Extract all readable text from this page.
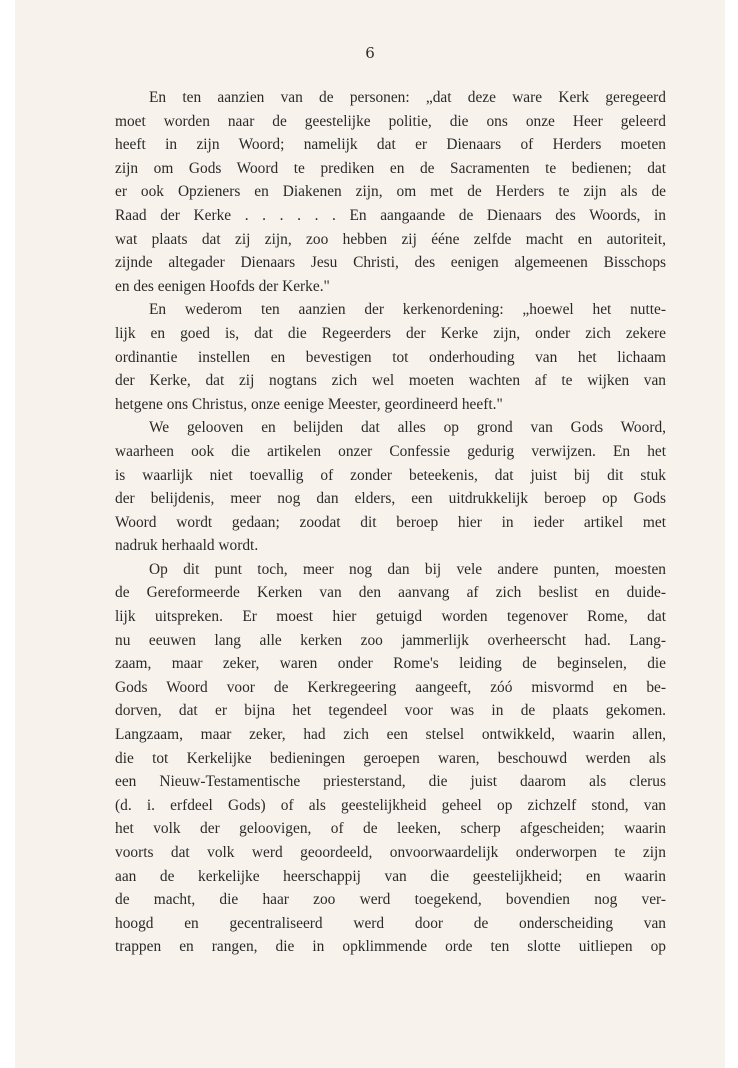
6
En ten aanzien van de personen: „dat deze ware Kerk geregeerd
moet worden naar de geestelijke politie, die ons onze Heer geleerd
heeft in zijn Woord; namelijk dat er Dienaars of Herders moeten
zijn om Gods Woord te prediken en de Sacramenten te bedienen; dat
er ook Opzieners en Diakenen zijn, om met de Herders te zijn als de
Raad der Kerke . . . . . . En aangaande de Dienaars des Woords, in
wat plaats dat zij zijn, zoo hebben zij ééne zelfde macht en autoriteit,
zijnde altegader Dienaars Jesu Christi, des eenigen algemeenen Bisschops
en des eenigen Hoofds der Kerke."
En wederom ten aanzien der kerkenordening: „hoewel het nutte-
lijk en goed is, dat die Regeerders der Kerke zijn, onder zich zekere
ordinantie instellen en bevestigen tot onderhouding van het lichaam
der Kerke, dat zij nogtans zich wel moeten wachten af te wijken van
hetgene ons Christus, onze eenige Meester, geordineerd heeft."
We gelooven en belijden dat alles op grond van Gods Woord,
waarheen ook die artikelen onzer Confessie gedurig verwijzen. En het
is waarlijk niet toevallig of zonder beteekenis, dat juist bij dit stuk
der belijdenis, meer nog dan elders, een uitdrukkelijk beroep op Gods
Woord wordt gedaan; zoodat dit beroep hier in ieder artikel met
nadruk herhaald wordt.
Op dit punt toch, meer nog dan bij vele andere punten, moesten
de Gereformeerde Kerken van den aanvang af zich beslist en duide-
lijk uitspreken. Er moest hier getuigd worden tegenover Rome, dat
nu eeuwen lang alle kerken zoo jammerlijk overheerscht had. Lang-
zaam, maar zeker, waren onder Rome's leiding de beginselen, die
Gods Woord voor de Kerkregeering aangeeft, zóó misvormd en be-
dorven, dat er bijna het tegendeel voor was in de plaats gekomen.
Langzaam, maar zeker, had zich een stelsel ontwikkeld, waarin allen,
die tot Kerkelijke bedieningen geroepen waren, beschouwd werden als
een Nieuw-Testamentische priesterstand, die juist daarom als clerus
(d. i. erfdeel Gods) of als geestelijkheid geheel op zichzelf stond, van
het volk der geloovigen, of de leeken, scherp afgescheiden; waarin
voorts dat volk werd geoordeeld, onvoorwaardelijk onderworpen te zijn
aan de kerkelijke heerschappij van die geestelijkheid; en waarin
de macht, die haar zoo werd toegekend, bovendien nog ver-
hoogd en gecentraliseerd werd door de onderscheiding van
trappen en rangen, die in opklimmende orde ten slotte uitliepen op
